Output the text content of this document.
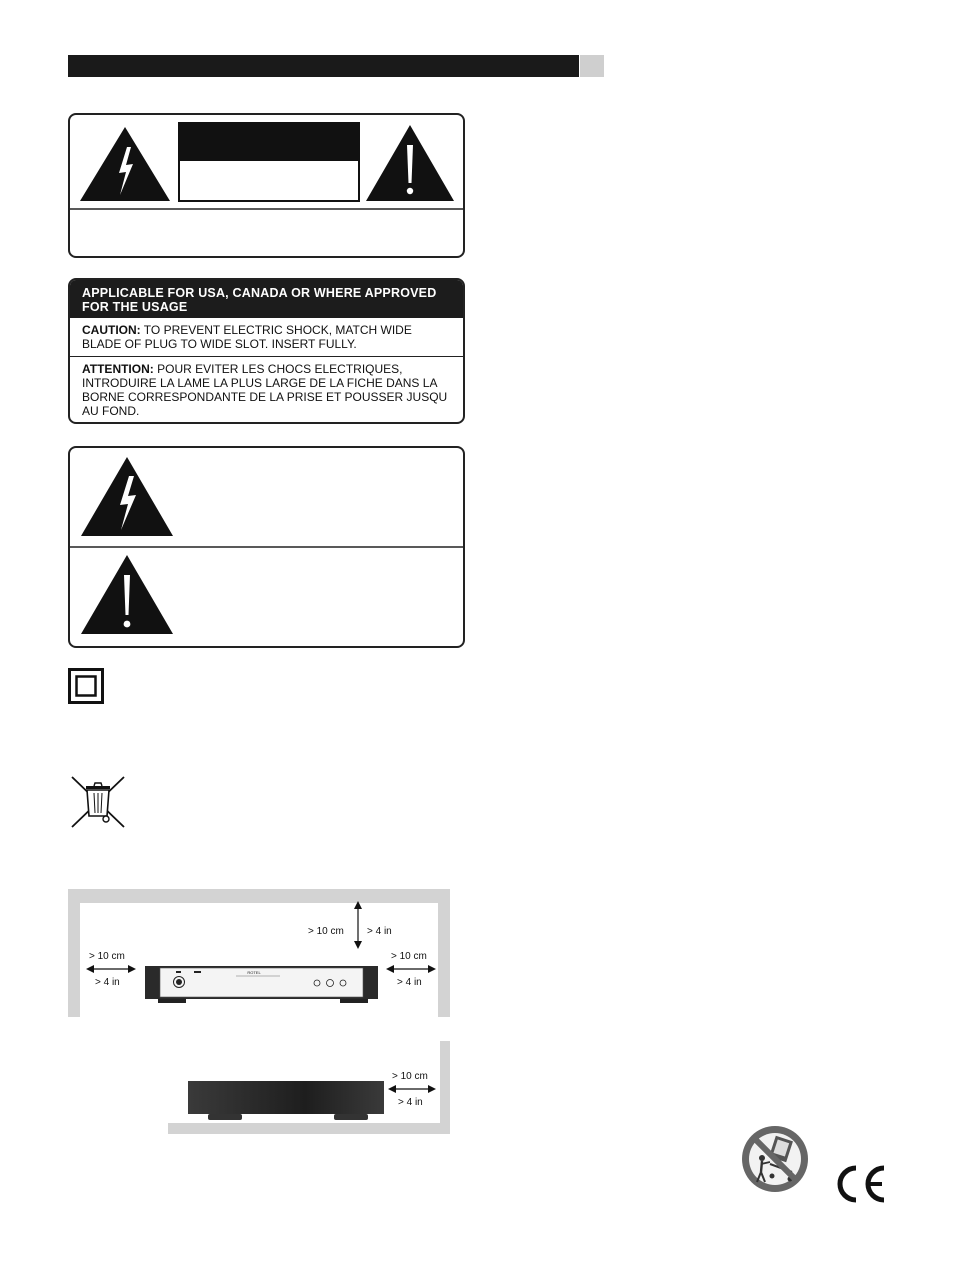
APPLICABLE FOR USA, CANADA OR WHERE APPROVED FOR THE USAGE
CAUTION: TO PREVENT ELECTRIC SHOCK, MATCH WIDE BLADE OF PLUG TO WIDE SLOT. INSERT FULLY.
ATTENTION: POUR EVITER LES CHOCS ELECTRIQUES, INTRODUIRE LA LAME LA PLUS LARGE DE LA FICHE DANS LA BORNE CORRESPONDANTE DE LA PRISE ET POUSSER JUSQU AU FOND.
ROTEL
> 10 cm > 4 in
> 10 cm
> 4 in
> 10 cm
> 4 in
> 10 cm
> 4 in
